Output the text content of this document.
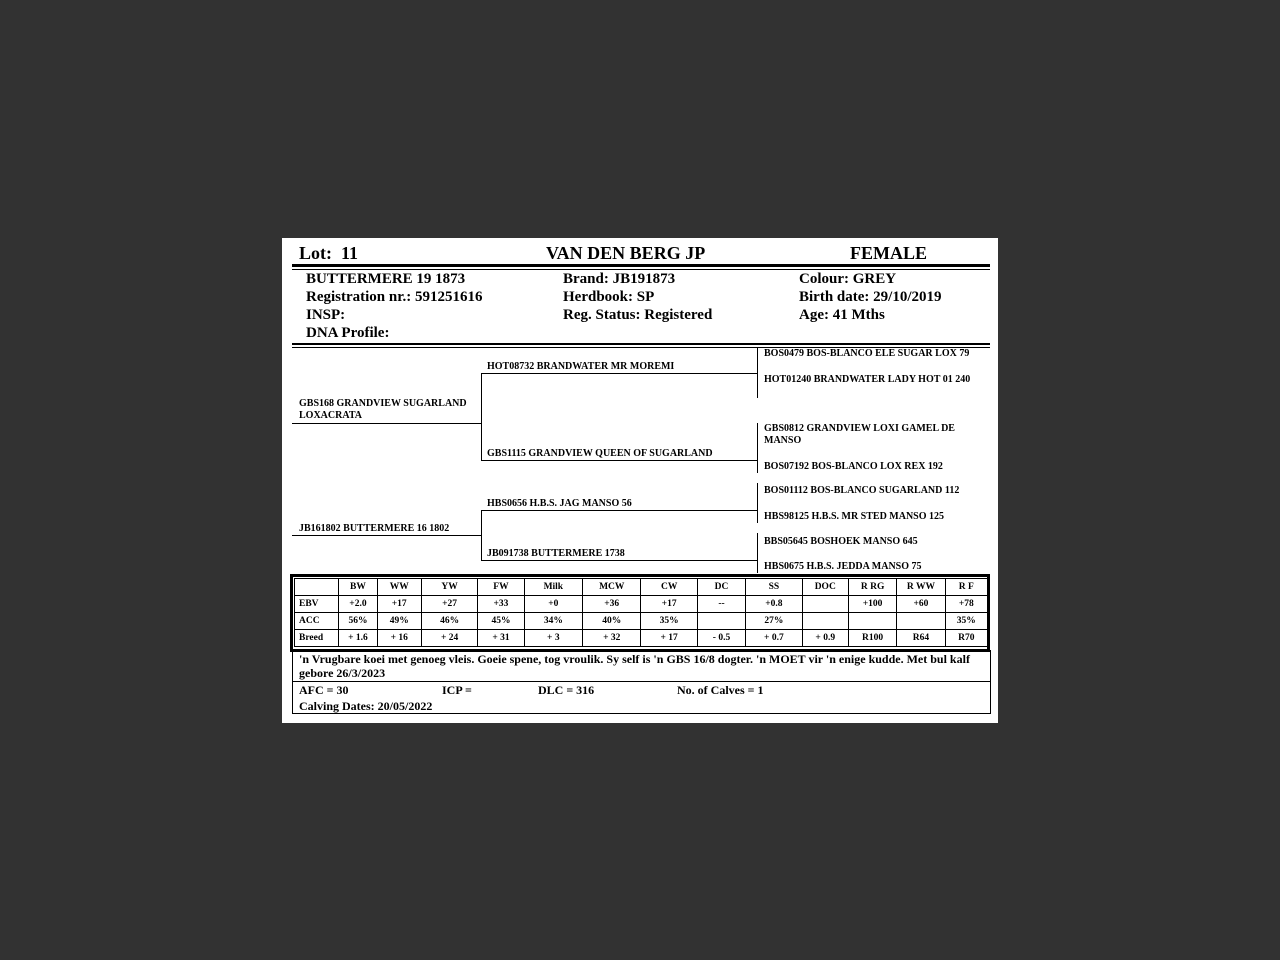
Lot: 11	VAN DEN BERG JP	FEMALE
BUTTERMERE 19 1873
Registration nr.: 591251616
INSP:
DNA Profile:
Brand: JB191873
Herdbook: SP
Reg. Status: Registered
Colour: GREY
Birth date: 29/10/2019
Age: 41 Mths
GBS168 GRANDVIEW SUGARLAND LOXACRATA
JB161802 BUTTERMERE 16 1802
HOT08732 BRANDWATER MR MOREMI
GBS1115 GRANDVIEW QUEEN OF SUGARLAND
HBS0656 H.B.S. JAG MANSO 56
JB091738 BUTTERMERE 1738
BOS0479 BOS-BLANCO ELE SUGAR LOX 79
HOT01240 BRANDWATER LADY HOT 01 240
GBS0812 GRANDVIEW LOXI GAMEL DE MANSO
BOS07192 BOS-BLANCO LOX REX 192
BOS01112 BOS-BLANCO SUGARLAND 112
HBS98125 H.B.S. MR STED MANSO 125
BBS05645 BOSHOEK MANSO 645
HBS0675 H.B.S. JEDDA MANSO 75
	BW	WW	YW	FW	Milk	MCW	CW	DC	SS	DOC	R RG	R WW	R F
EBV	+2.0	+17	+27	+33	+0	+36	+17	--	+0.8		+100	+60	+78
ACC	56%	49%	46%	45%	34%	40%	35%		27%				35%
Breed	+ 1.6	+ 16	+ 24	+ 31	+ 3	+ 32	+ 17	- 0.5	+ 0.7	+ 0.9	R100	R64	R70
'n Vrugbare koei met genoeg vleis. Goeie spene, tog vroulik. Sy self is 'n GBS 16/8 dogter. 'n MOET vir 'n enige kudde. Met bul kalf gebore 26/3/2023
AFC = 30	ICP =	DLC = 316	No. of Calves = 1
Calving Dates: 20/05/2022
